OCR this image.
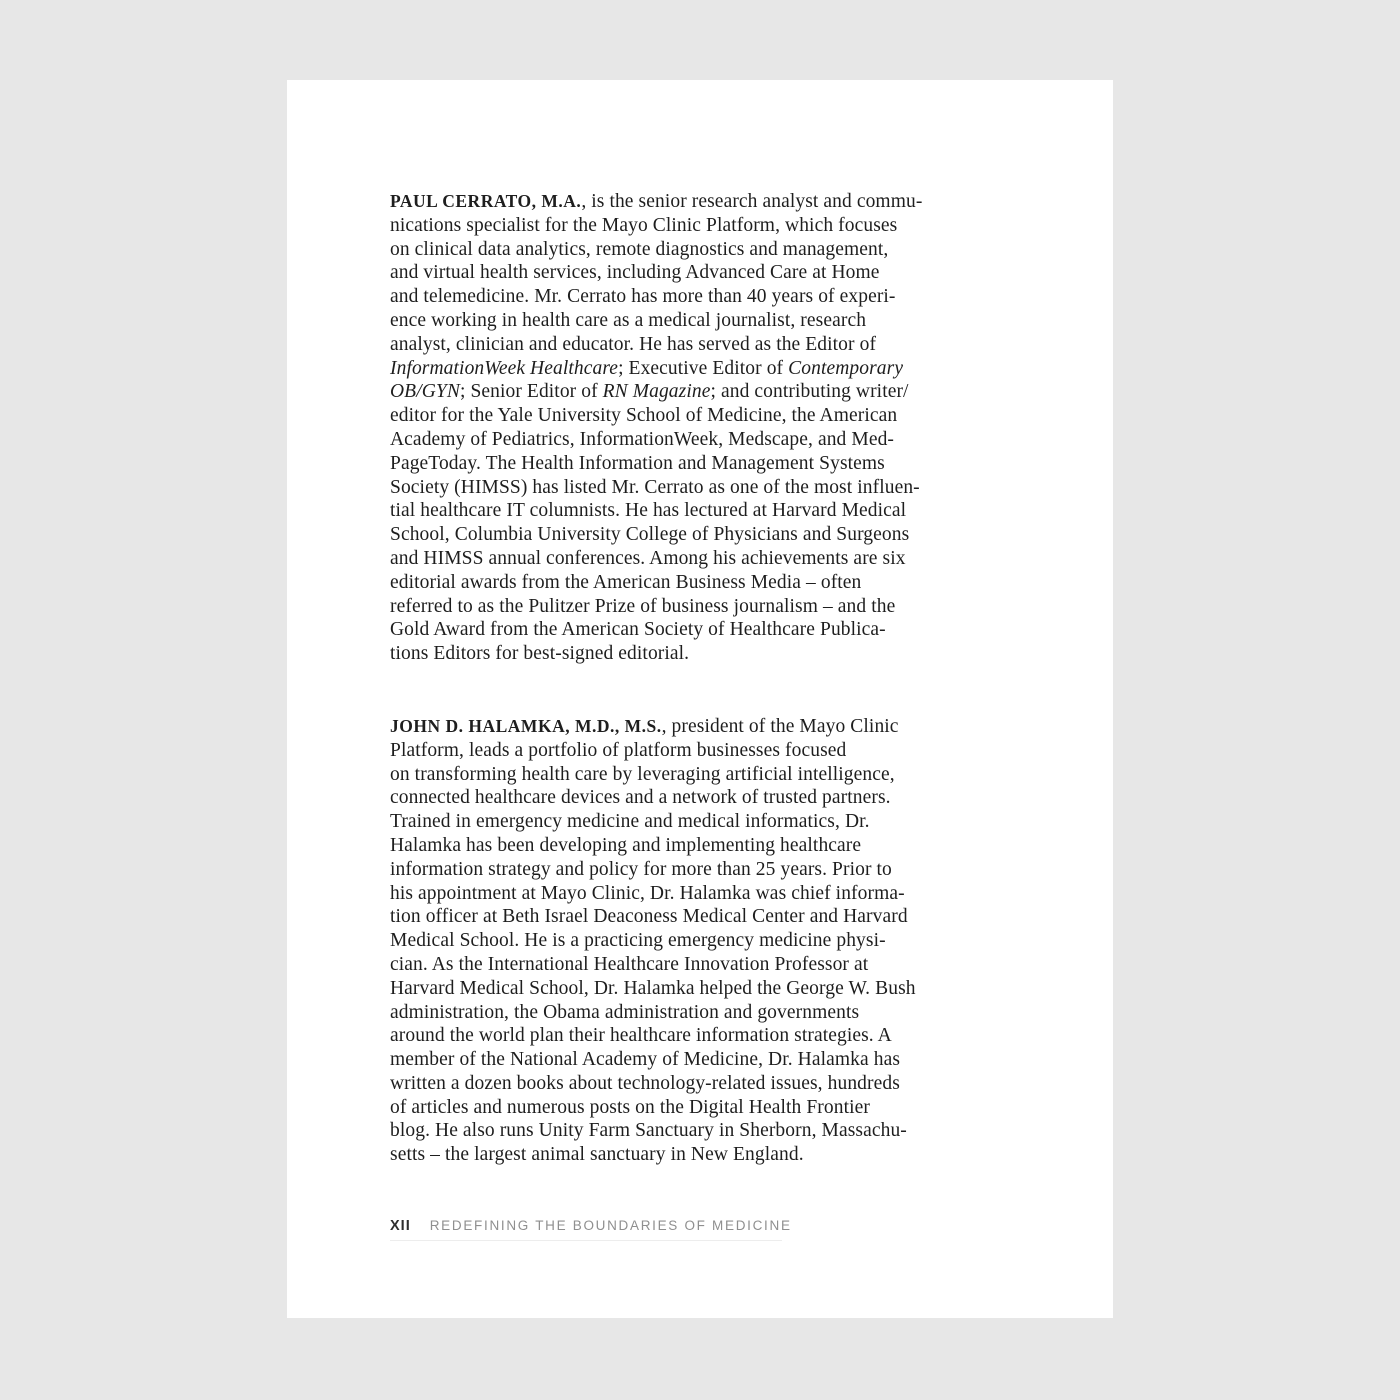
PAUL CERRATO, M.A., is the senior research analyst and commu-
nications specialist for the Mayo Clinic Platform, which focuses
on clinical data analytics, remote diagnostics and management,
and virtual health services, including Advanced Care at Home
and telemedicine. Mr. Cerrato has more than 40 years of experi-
ence working in health care as a medical journalist, research
analyst, clinician and educator. He has served as the Editor of
InformationWeek Healthcare; Executive Editor of Contemporary
OB/GYN; Senior Editor of RN Magazine; and contributing writer/
editor for the Yale University School of Medicine, the American
Academy of Pediatrics, InformationWeek, Medscape, and Med-
PageToday. The Health Information and Management Systems
Society (HIMSS) has listed Mr. Cerrato as one of the most influen-
tial healthcare IT columnists. He has lectured at Harvard Medical
School, Columbia University College of Physicians and Surgeons
and HIMSS annual conferences. Among his achievements are six
editorial awards from the American Business Media – often
referred to as the Pulitzer Prize of business journalism – and the
Gold Award from the American Society of Healthcare Publica-
tions Editors for best-signed editorial.
JOHN D. HALAMKA, M.D., M.S., president of the Mayo Clinic
Platform, leads a portfolio of platform businesses focused
on transforming health care by leveraging artificial intelligence,
connected healthcare devices and a network of trusted partners.
Trained in emergency medicine and medical informatics, Dr.
Halamka has been developing and implementing healthcare
information strategy and policy for more than 25 years. Prior to
his appointment at Mayo Clinic, Dr. Halamka was chief informa-
tion officer at Beth Israel Deaconess Medical Center and Harvard
Medical School. He is a practicing emergency medicine physi-
cian. As the International Healthcare Innovation Professor at
Harvard Medical School, Dr. Halamka helped the George W. Bush
administration, the Obama administration and governments
around the world plan their healthcare information strategies. A
member of the National Academy of Medicine, Dr. Halamka has
written a dozen books about technology-related issues, hundreds
of articles and numerous posts on the Digital Health Frontier
blog. He also runs Unity Farm Sanctuary in Sherborn, Massachu-
setts – the largest animal sanctuary in New England.
XII REDEFINING THE BOUNDARIES OF MEDICINE
